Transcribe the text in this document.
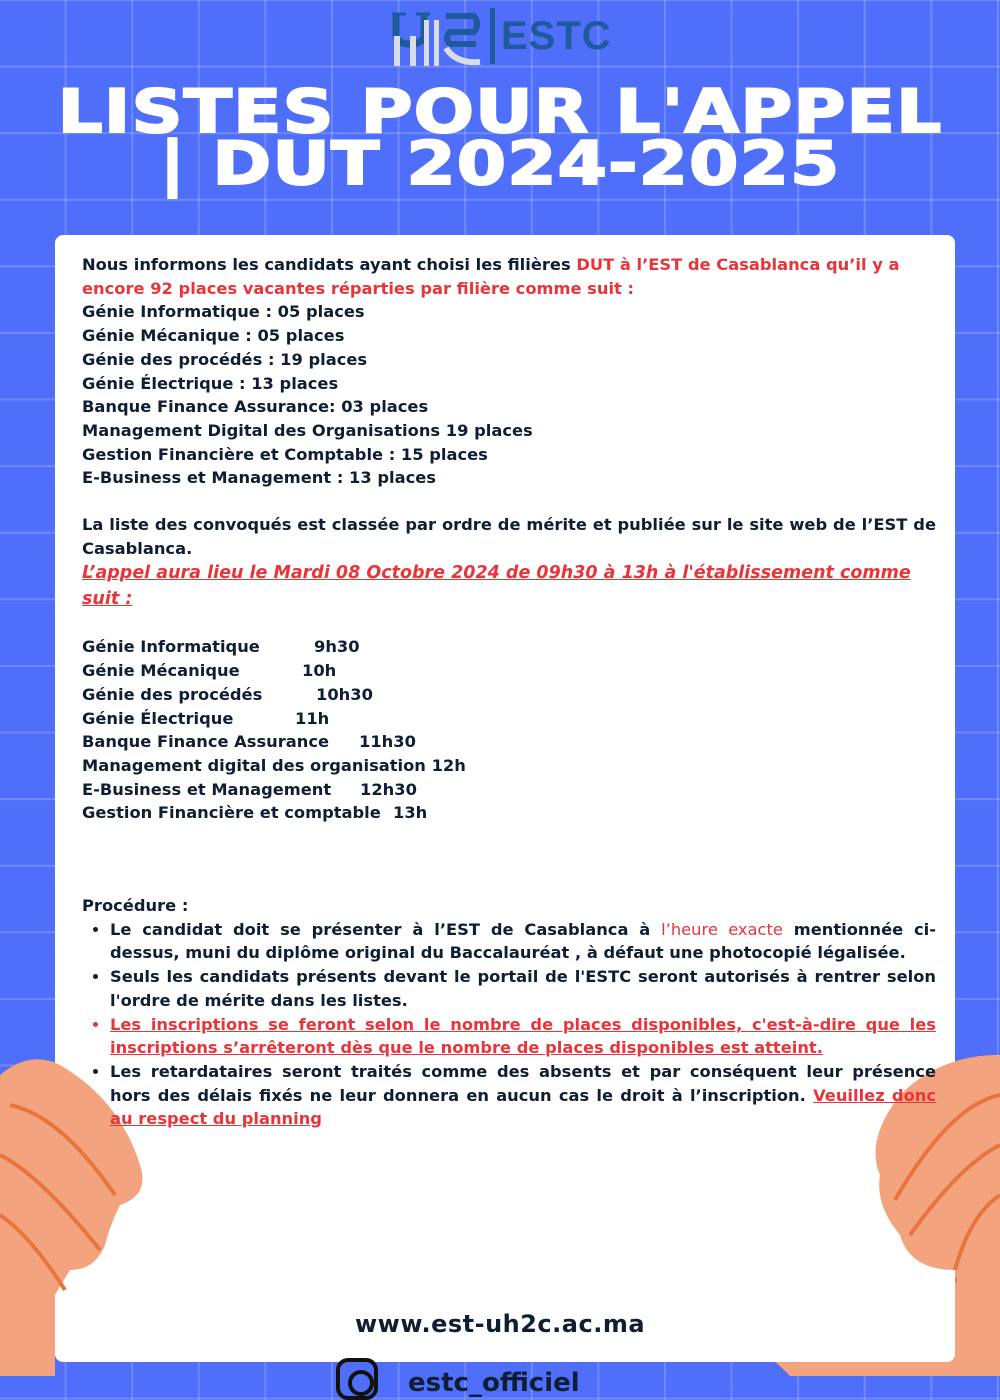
ESTC
LISTES POUR L'APPEL
| DUT 2024-2025

Nous informons les candidats ayant choisi les filières DUT à l’EST de Casablanca qu’il y a encore 92 places vacantes réparties par filière comme suit :

Génie Informatique : 05 places

Génie Mécanique : 05 places

Génie des procédés : 19 places

Génie Électrique : 13 places

Banque Finance Assurance: 03 places

Management Digital des Organisations 19 places

Gestion Financière et Comptable : 15 places

E-Business et Management : 13 places

La liste des convoqués est classée par ordre de mérite et publiée sur le site web de l’EST de Casablanca.

L’appel aura lieu le Mardi 08 Octobre 2024 de 09h30 à 13h à l'établissement comme suit :

Génie Informatique	9h30

Génie Mécanique	10h

Génie des procédés	10h30

Génie Électrique	11h

Banque Finance Assurance 11h30

Management digital des organisation 12h

E-Business et Management 12h30

Gestion Financière et comptable 13h

Procédure :

• Le candidat doit se présenter à l’EST de Casablanca à l’heure exacte mentionnée ci-dessus, muni du diplôme original du Baccalauréat , à défaut une photocopié légalisée.
• Seuls les candidats présents devant le portail de l'ESTC seront autorisés à rentrer selon l'ordre de mérite dans les listes.
• Les inscriptions se feront selon le nombre de places disponibles, c'est-à-dire que les inscriptions s’arrêteront dès que le nombre de places disponibles est atteint.
• Les retardataires seront traités comme des absents et par conséquent leur présence hors des délais fixés ne leur donnera en aucun cas le droit à l’inscription. Veuillez donc au respect du planning
www.est-uh2c.ac.ma
estc_officiel
